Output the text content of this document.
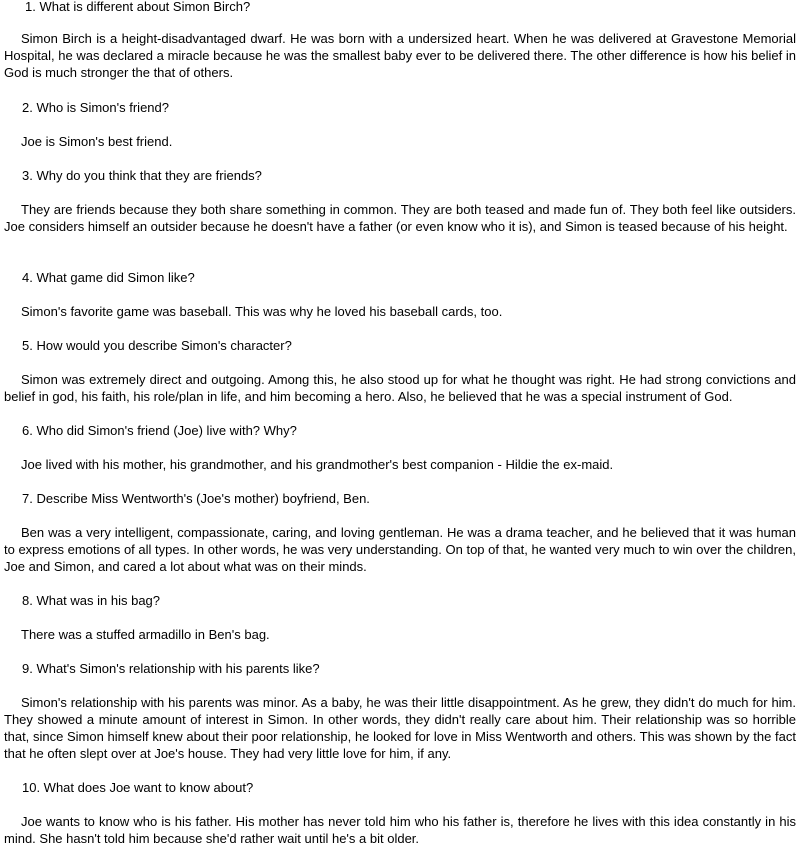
1. What is different about Simon Birch?
Simon Birch is a height-disadvantaged dwarf. He was born with a undersized heart. When he was delivered at Gravestone Memorial Hospital, he was declared a miracle because he was the smallest baby ever to be delivered there. The other difference is how his belief in God is much stronger the that of others.
2. Who is Simon's friend?
Joe is Simon's best friend.
3. Why do you think that they are friends?
They are friends because they both share something in common. They are both teased and made fun of. They both feel like outsiders. Joe considers himself an outsider because he doesn't have a father (or even know who it is), and Simon is teased because of his height.
4. What game did Simon like?
Simon's favorite game was baseball. This was why he loved his baseball cards, too.
5. How would you describe Simon's character?
Simon was extremely direct and outgoing. Among this, he also stood up for what he thought was right. He had strong convictions and belief in god, his faith, his role/plan in life, and him becoming a hero. Also, he believed that he was a special instrument of God.
6. Who did Simon's friend (Joe) live with? Why?
Joe lived with his mother, his grandmother, and his grandmother's best companion - Hildie the ex-maid.
7. Describe Miss Wentworth's (Joe's mother) boyfriend, Ben.
Ben was a very intelligent, compassionate, caring, and loving gentleman. He was a drama teacher, and he believed that it was human to express emotions of all types. In other words, he was very understanding. On top of that, he wanted very much to win over the children, Joe and Simon, and cared a lot about what was on their minds.
8. What was in his bag?
There was a stuffed armadillo in Ben's bag.
9. What's Simon's relationship with his parents like?
Simon's relationship with his parents was minor. As a baby, he was their little disappointment. As he grew, they didn't do much for him. They showed a minute amount of interest in Simon. In other words, they didn't really care about him. Their relationship was so horrible that, since Simon himself knew about their poor relationship, he looked for love in Miss Wentworth and others. This was shown by the fact that he often slept over at Joe's house. They had very little love for him, if any.
10. What does Joe want to know about?
Joe wants to know who is his father. His mother has never told him who his father is, therefore he lives with this idea constantly in his mind. She hasn't told him because she'd rather wait until he's a bit older.
